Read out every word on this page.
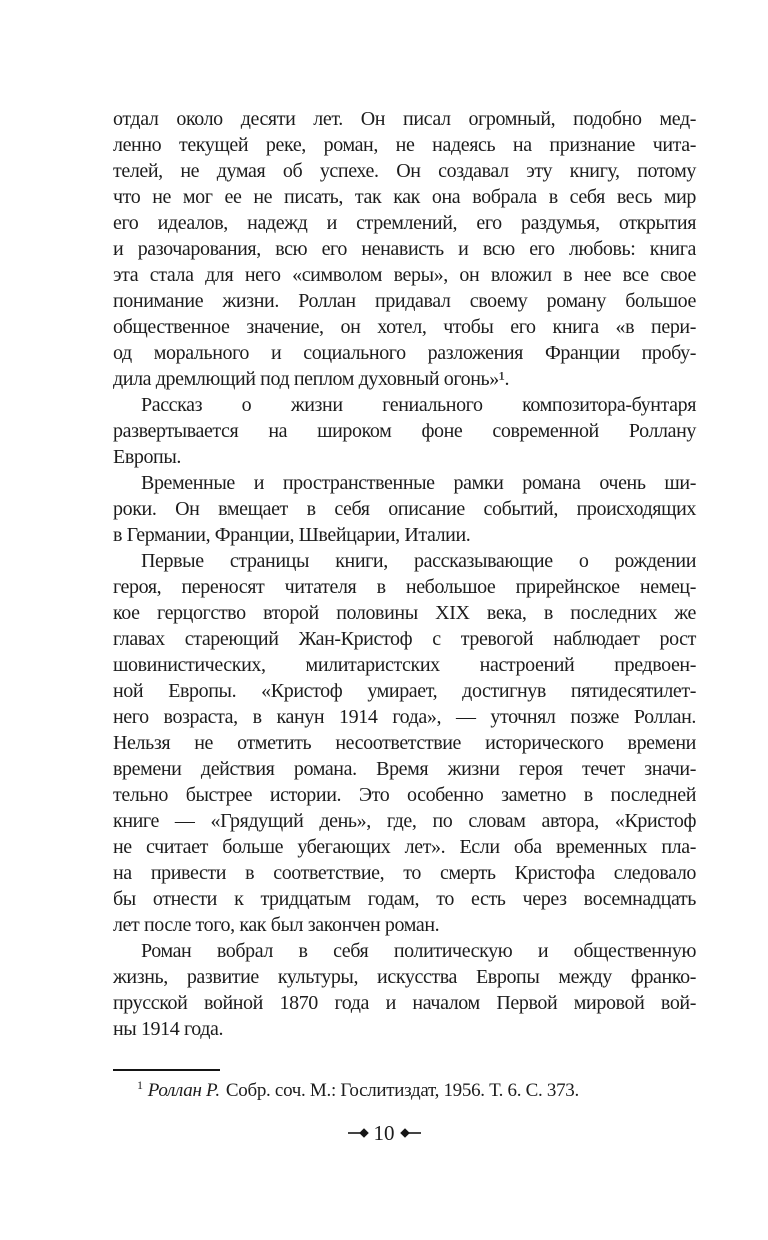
отдал около десяти лет. Он писал огромный, подобно мед-
ленно текущей реке, роман, не надеясь на признание чита-
телей, не думая об успехе. Он создавал эту книгу, потому
что не мог ее не писать, так как она вобрала в себя весь мир
его идеалов, надежд и стремлений, его раздумья, открытия
и разочарования, всю его ненависть и всю его любовь: книга
эта стала для него «символом веры», он вложил в нее все свое
понимание жизни. Роллан придавал своему роману большое
общественное значение, он хотел, чтобы его книга «в пери-
од морального и социального разложения Франции пробу-
дила дремлющий под пеплом духовный огонь»¹.
Рассказ о жизни гениального композитора-бунтаря
развертывается на широком фоне современной Роллану
Европы.
Временные и пространственные рамки романа очень ши-
роки. Он вмещает в себя описание событий, происходящих
в Германии, Франции, Швейцарии, Италии.
Первые страницы книги, рассказывающие о рождении
героя, переносят читателя в небольшое прирейнское немец-
кое герцогство второй половины XIX века, в последних же
главах стареющий Жан-Кристоф с тревогой наблюдает рост
шовинистических, милитаристских настроений предвоен-
ной Европы. «Кристоф умирает, достигнув пятидесятилет-
него возраста, в канун 1914 года», — уточнял позже Роллан.
Нельзя не отметить несоответствие исторического времени
времени действия романа. Время жизни героя течет значи-
тельно быстрее истории. Это особенно заметно в последней
книге — «Грядущий день», где, по словам автора, «Кристоф
не считает больше убегающих лет». Если оба временных пла-
на привести в соответствие, то смерть Кристофа следовало
бы отнести к тридцатым годам, то есть через восемнадцать
лет после того, как был закончен роман.
Роман вобрал в себя политическую и общественную
жизнь, развитие культуры, искусства Европы между франко-
прусской войной 1870 года и началом Первой мировой вой-
ны 1914 года.

$^1$ Роллан Р. Собр. соч. М.: Гослитиздат, 1956. Т. 6. С. 373.

10
